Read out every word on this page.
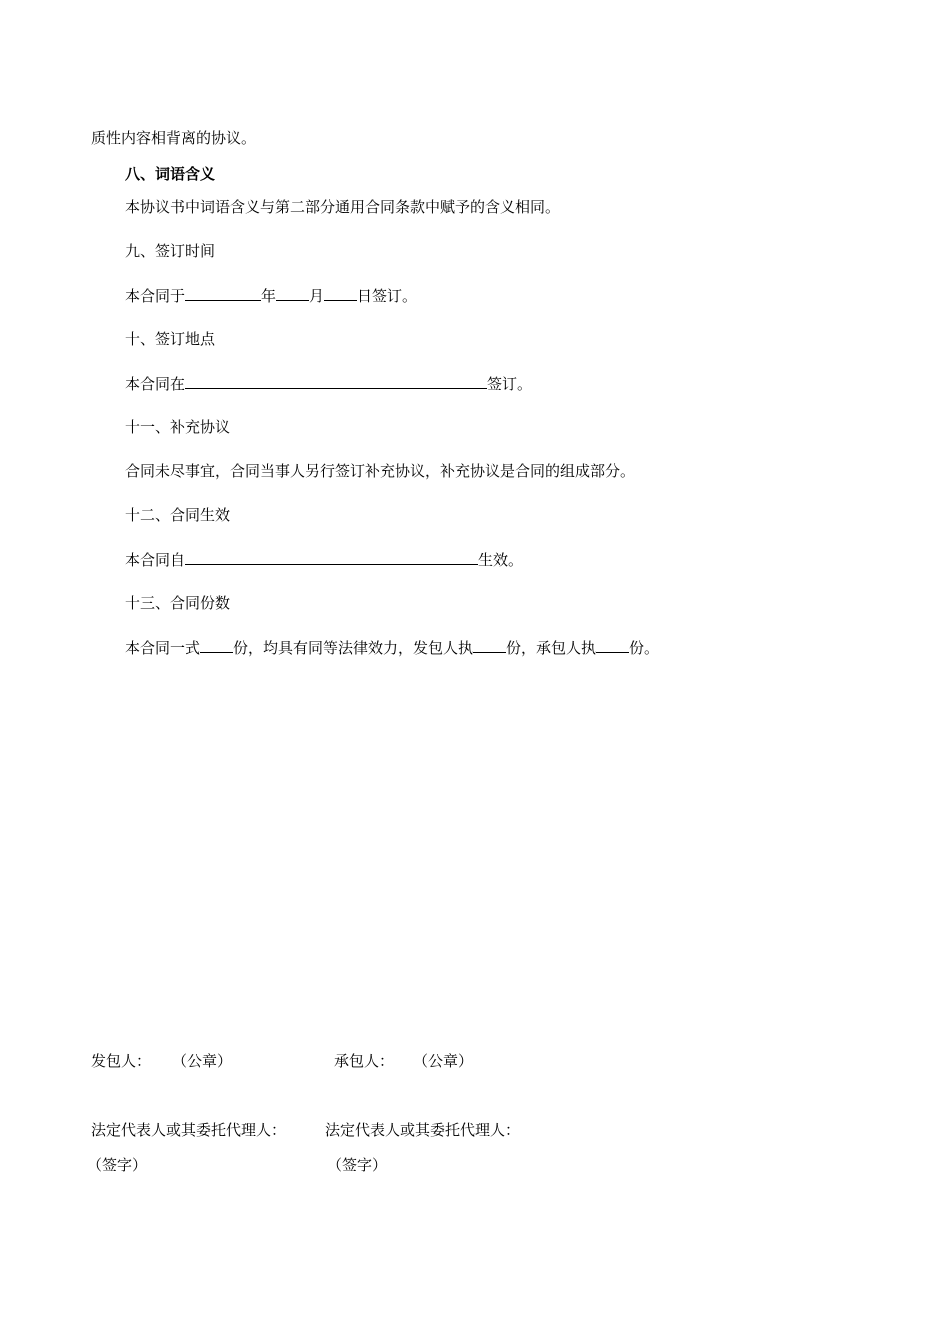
质性内容相背离的协议。
八、词语含义
本协议书中词语含义与第二部分通用合同条款中赋予的含义相同。
九、签订时间
本合同于	年 月 日签订。
十、签订地点
本合同在	签订。
十一、补充协议
合同未尽事宜，合同当事人另行签订补充协议，补充协议是合同的组成部分。
十二、合同生效
本合同自	生效。
十三、合同份数
本合同一式 份，均具有同等法律效力，发包人执 份，承包人执 份。
发包人： （公章）	承包人： （公章）
法定代表人或其委托代理人：	法定代表人或其委托代理人：
（签字）	（签字）
